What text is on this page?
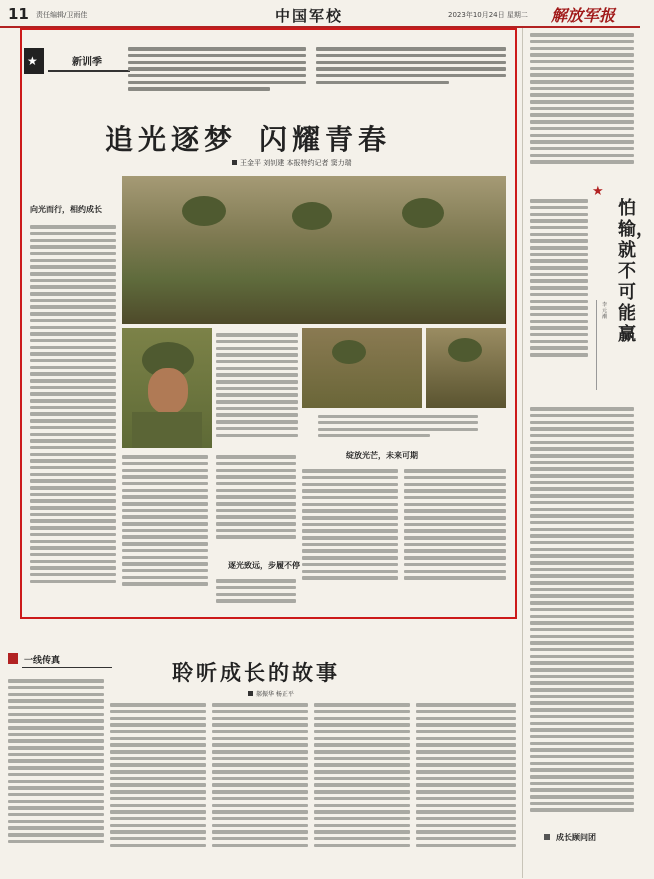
11 责任编辑/卫雨佳	中国军校	2023年10月24日 星期二 解放军报
★	新训季
追光逐梦 闪耀青春
王金平 刘钊建 本报特约记者 窦力瑞
向光而行，相约成长
绽放光芒，未来可期
逐光致远，步履不停
★
怕输，就不可能赢
李元潮
一线传真	聆听成长的故事
郝振华 杨正平
成长顾问团
